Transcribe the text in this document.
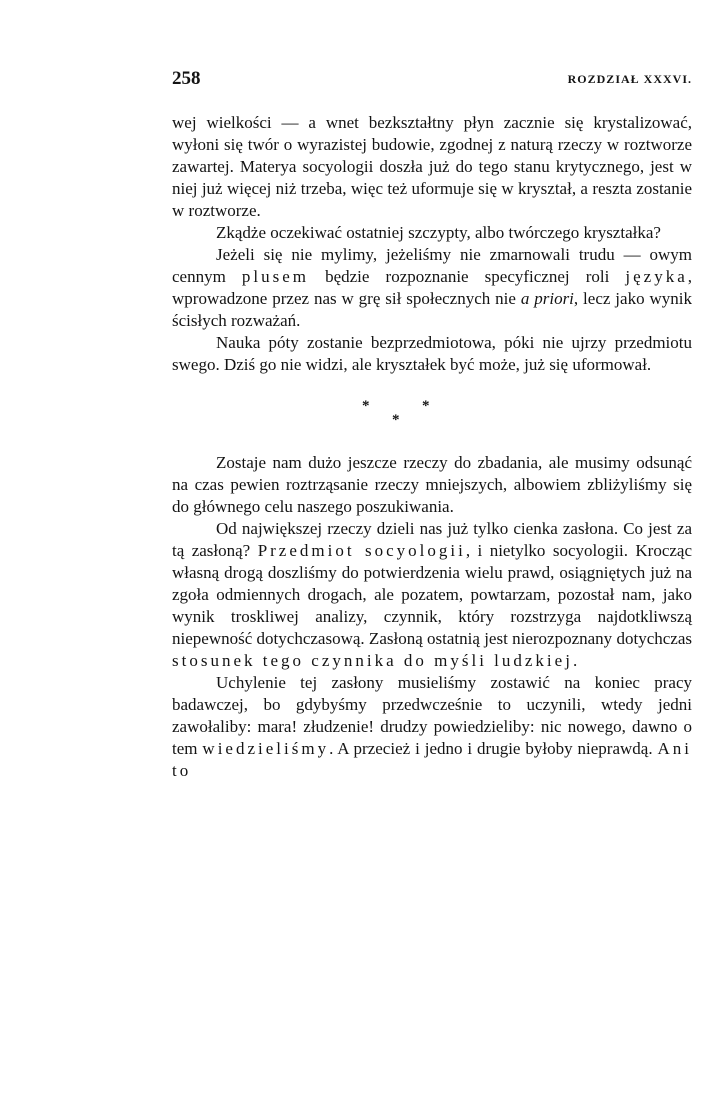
258	ROZDZIAŁ XXXVI.

wej wielkości — a wnet bezkształtny płyn zacznie się krystalizować, wyłoni się twór o wyrazistej budowie, zgodnej z naturą rzeczy w roztworze zawartej. Materya socyologii doszła już do tego stanu krytycznego, jest w niej już więcej niż trzeba, więc też uformuje się w kryształ, a reszta zostanie w roztworze.

Zkądże oczekiwać ostatniej szczypty, albo twórczego kryształka?

Jeżeli się nie mylimy, jeżeliśmy nie zmarnowali trudu — owym cennym plusem będzie rozpoznanie specyficznej roli języka, wprowadzone przez nas w grę sił społecznych nie a priori, lecz jako wynik ścisłych rozważań.

Nauka póty zostanie bezprzedmiotowa, póki nie ujrzy przedmiotu swego. Dziś go nie widzi, ale kryształek być może, już się uformował.

*	*
*

Zostaje nam dużo jeszcze rzeczy do zbadania, ale musimy odsunąć na czas pewien roztrząsanie rzeczy mniejszych, albowiem zbliżyliśmy się do głównego celu naszego poszukiwania.

Od największej rzeczy dzieli nas już tylko cienka zasłona. Co jest za tą zasłoną? Przedmiot socyologii, i nietylko socyologii. Krocząc własną drogą doszliśmy do potwierdzenia wielu prawd, osiągniętych już na zgoła odmiennych drogach, ale pozatem, powtarzam, pozostał nam, jako wynik troskliwej analizy, czynnik, który rozstrzyga najdotkliwszą niepewność dotychczasową. Zasłoną ostatnią jest nierozpoznany dotychczas stosunek tego czynnika do myśli ludzkiej.

Uchylenie tej zasłony musieliśmy zostawić na koniec pracy badawczej, bo gdybyśmy przedwcześnie to uczynili, wtedy jedni zawołaliby: mara! złudzenie! drudzy powiedzieliby: nic nowego, dawno o tem wiedzieliśmy. A przecież i jedno i drugie byłoby nieprawdą. Ani to
